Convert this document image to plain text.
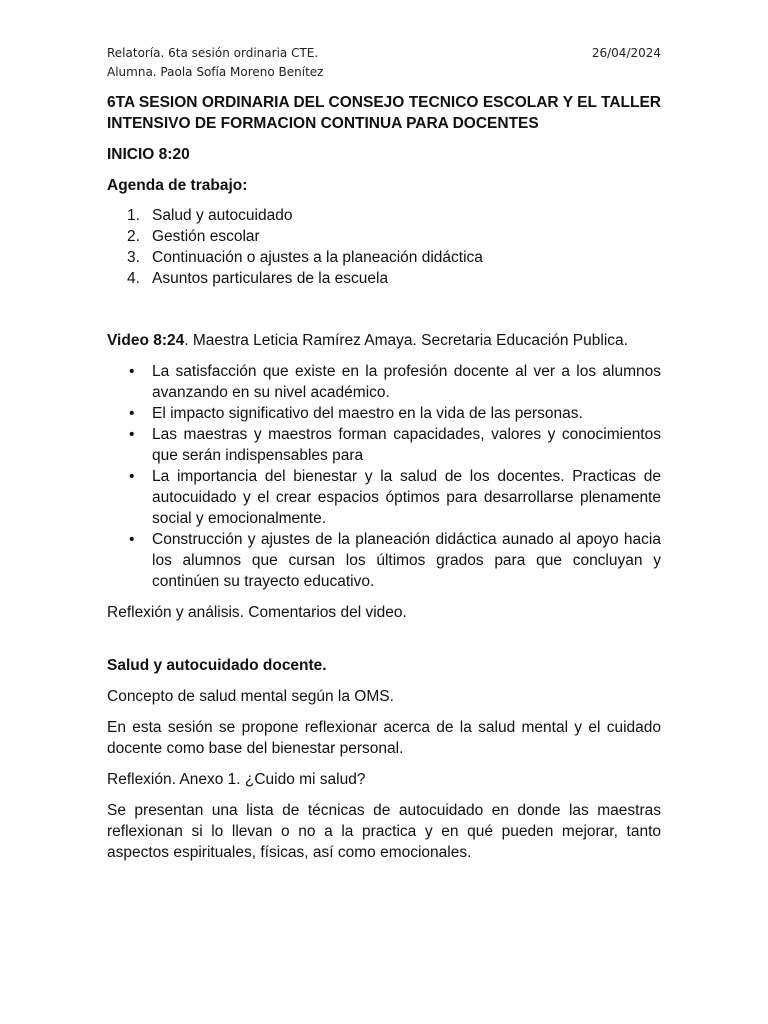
Relatoría. 6ta sesión ordinaria CTE.
Alumna. Paola Sofía Moreno Benítez
26/04/2024
6TA SESION ORDINARIA DEL CONSEJO TECNICO ESCOLAR Y EL TALLER INTENSIVO DE FORMACION CONTINUA PARA DOCENTES
INICIO 8:20
Agenda de trabajo:
1. Salud y autocuidado
2. Gestión escolar
3. Continuación o ajustes a la planeación didáctica
4. Asuntos particulares de la escuela
Video 8:24. Maestra Leticia Ramírez Amaya. Secretaria Educación Publica.
• La satisfacción que existe en la profesión docente al ver a los alumnos avanzando en su nivel académico.
• El impacto significativo del maestro en la vida de las personas.
• Las maestras y maestros forman capacidades, valores y conocimientos que serán indispensables para
• La importancia del bienestar y la salud de los docentes. Practicas de autocuidado y el crear espacios óptimos para desarrollarse plenamente social y emocionalmente.
• Construcción y ajustes de la planeación didáctica aunado al apoyo hacia los alumnos que cursan los últimos grados para que concluyan y continúen su trayecto educativo.
Reflexión y análisis. Comentarios del video.
Salud y autocuidado docente.
Concepto de salud mental según la OMS.
En esta sesión se propone reflexionar acerca de la salud mental y el cuidado docente como base del bienestar personal.
Reflexión. Anexo 1. ¿Cuido mi salud?
Se presentan una lista de técnicas de autocuidado en donde las maestras reflexionan si lo llevan o no a la practica y en qué pueden mejorar, tanto aspectos espirituales, físicas, así como emocionales.
